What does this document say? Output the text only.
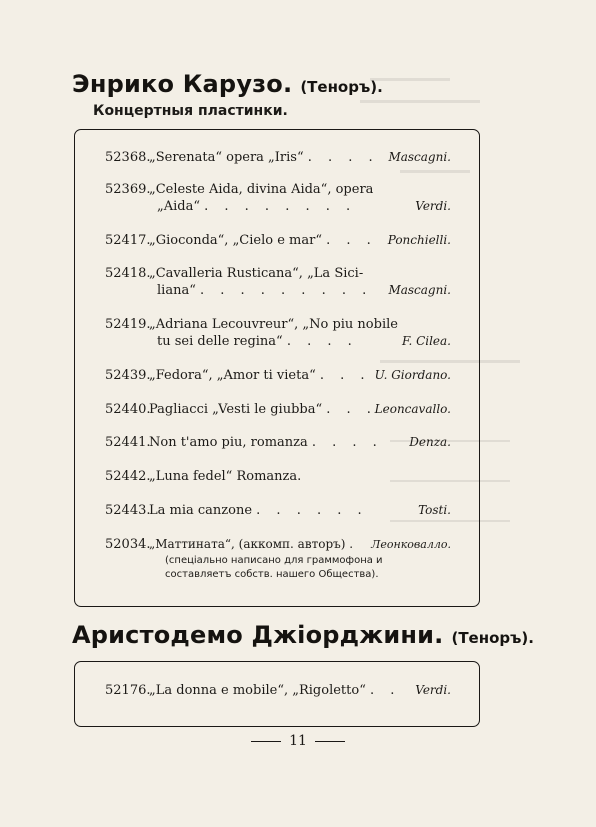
Энрико Карузо. (Теноръ).
Концертныя пластинки.
52368.
„Serenata“ opera „Iris“ . . . . Mascagni.
52369.
„Celeste Aida, divina Aida“, opera
„Aida“ . . . . . . . .	Verdi.
52417.
„Gioconda“, „Cielo e mar“ . . . Ponchielli.
52418.
„Cavalleria Rusticana“, „La Sici-
liana“ . . . . . . . . . Mascagni.
52419.
„Adriana Lecouvreur“, „No piu nobile
tu sei delle regina“ . . . .	F. Cilea.
52439.
„Fedora“, „Amor ti vieta“ . . . U. Giordano.
52440.
Pagliacci „Vesti le giubba“ . . .
Leoncavallo.
52441.
Non t'amo piu, romanza . . . . Denza.
52442.
„Luna fedel“ Romanza.
52443.
La mia canzone . . . . . .	Tosti.
52034.
„Маттината“, (аккомп. авторъ) . Леонковалло.
(спеціально написано для граммофона и
составляетъ собств. нашего Общества).
Аристодемо Джіорджини. (Теноръ).
52176.
„La donna e mobile“, „Rigoletto“ . . Verdi.
11
